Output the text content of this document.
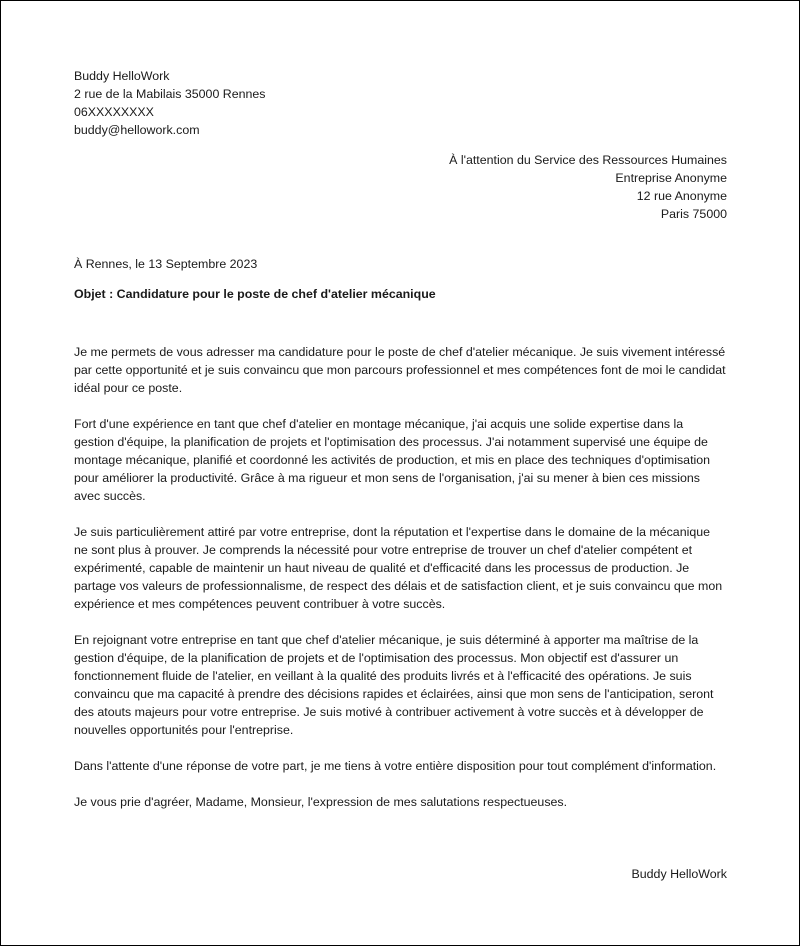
Buddy HelloWork
2 rue de la Mabilais 35000 Rennes
06XXXXXXXX
buddy@hellowork.com
À l'attention du Service des Ressources Humaines
Entreprise Anonyme
12 rue Anonyme
Paris 75000
À Rennes, le 13 Septembre 2023
Objet : Candidature pour le poste de chef d'atelier mécanique

Je me permets de vous adresser ma candidature pour le poste de chef d'atelier mécanique. Je suis vivement intéressé par cette opportunité et je suis convaincu que mon parcours professionnel et mes compétences font de moi le candidat idéal pour ce poste.

Fort d'une expérience en tant que chef d'atelier en montage mécanique, j'ai acquis une solide expertise dans la gestion d'équipe, la planification de projets et l'optimisation des processus. J'ai notamment supervisé une équipe de montage mécanique, planifié et coordonné les activités de production, et mis en place des techniques d'optimisation pour améliorer la productivité. Grâce à ma rigueur et mon sens de l'organisation, j'ai su mener à bien ces missions avec succès.

Je suis particulièrement attiré par votre entreprise, dont la réputation et l'expertise dans le domaine de la mécanique ne sont plus à prouver. Je comprends la nécessité pour votre entreprise de trouver un chef d'atelier compétent et expérimenté, capable de maintenir un haut niveau de qualité et d'efficacité dans les processus de production. Je partage vos valeurs de professionnalisme, de respect des délais et de satisfaction client, et je suis convaincu que mon expérience et mes compétences peuvent contribuer à votre succès.

En rejoignant votre entreprise en tant que chef d'atelier mécanique, je suis déterminé à apporter ma maîtrise de la gestion d'équipe, de la planification de projets et de l'optimisation des processus. Mon objectif est d'assurer un fonctionnement fluide de l'atelier, en veillant à la qualité des produits livrés et à l'efficacité des opérations. Je suis convaincu que ma capacité à prendre des décisions rapides et éclairées, ainsi que mon sens de l'anticipation, seront des atouts majeurs pour votre entreprise. Je suis motivé à contribuer activement à votre succès et à développer de nouvelles opportunités pour l'entreprise.

Dans l'attente d'une réponse de votre part, je me tiens à votre entière disposition pour tout complément d'information.

Je vous prie d'agréer, Madame, Monsieur, l'expression de mes salutations respectueuses.

Buddy HelloWork
